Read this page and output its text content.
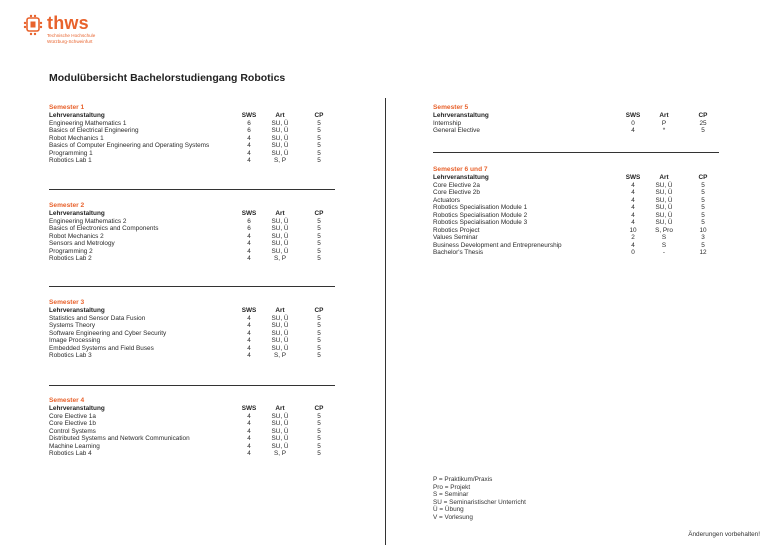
thws
Technische Hochschule
Würzburg-Schweinfurt
Modulübersicht Bachelorstudiengang Robotics
Semester 1
Lehrveranstaltung	SWS	Art	CP
Engineering Mathematics 1	6	SU, Ü	5
Basics of Electrical Engineering	6	SU, Ü	5
Robot Mechanics 1	4	SU, Ü	5
Basics of Computer Engineering and Operating Systems	4	SU, Ü	5
Programming 1	4	SU, Ü	5
Robotics Lab 1	4	S, P	5
Semester 2
Lehrveranstaltung	SWS	Art	CP
Engineering Mathematics 2	6	SU, Ü	5
Basics of Electronics and Components	6	SU, Ü	5
Robot Mechanics 2	4	SU, Ü	5
Sensors and Metrology	4	SU, Ü	5
Programming 2	4	SU, Ü	5
Robotics Lab 2	4	S, P	5
Semester 3
Lehrveranstaltung	SWS	Art	CP
Statistics and Sensor Data Fusion	4	SU, Ü	5
Systems Theory	4	SU, Ü	5
Software Engineering and Cyber Security	4	SU, Ü	5
Image Processing	4	SU, Ü	5
Embedded Systems and Field Buses	4	SU, Ü	5
Robotics Lab 3	4	S, P	5
Semester 4
Lehrveranstaltung	SWS	Art	CP
Core Elective 1a	4	SU, Ü	5
Core Elective 1b	4	SU, Ü	5
Control Systems	4	SU, Ü	5
Distributed Systems and Network Communication	4	SU, Ü	5
Machine Learning	4	SU, Ü	5
Robotics Lab 4	4	S, P	5
Semester 5
Lehrveranstaltung	SWS	Art	CP
Internship	0	P	25
General Elective	4	*	5
Semester 6 und 7
Lehrveranstaltung	SWS	Art	CP
Core Elective 2a	4	SU, Ü	5
Core Elective 2b	4	SU, Ü	5
Actuators	4	SU, Ü	5
Robotics Specialisation Module 1	4	SU, Ü	5
Robotics Specialisation Module 2	4	SU, Ü	5
Robotics Specialisation Module 3	4	SU, Ü	5
Robotics Project	10	S, Pro	10
Values Seminar	2	S	3
Business Development and Entrepreneurship	4	S	5
Bachelor's Thesis	0	-	12
P = Praktikum/Praxis
Pro = Projekt
S = Seminar
SU = Seminaristischer Unterricht
Ü = Übung
V = Vorlesung
Änderungen vorbehalten!
